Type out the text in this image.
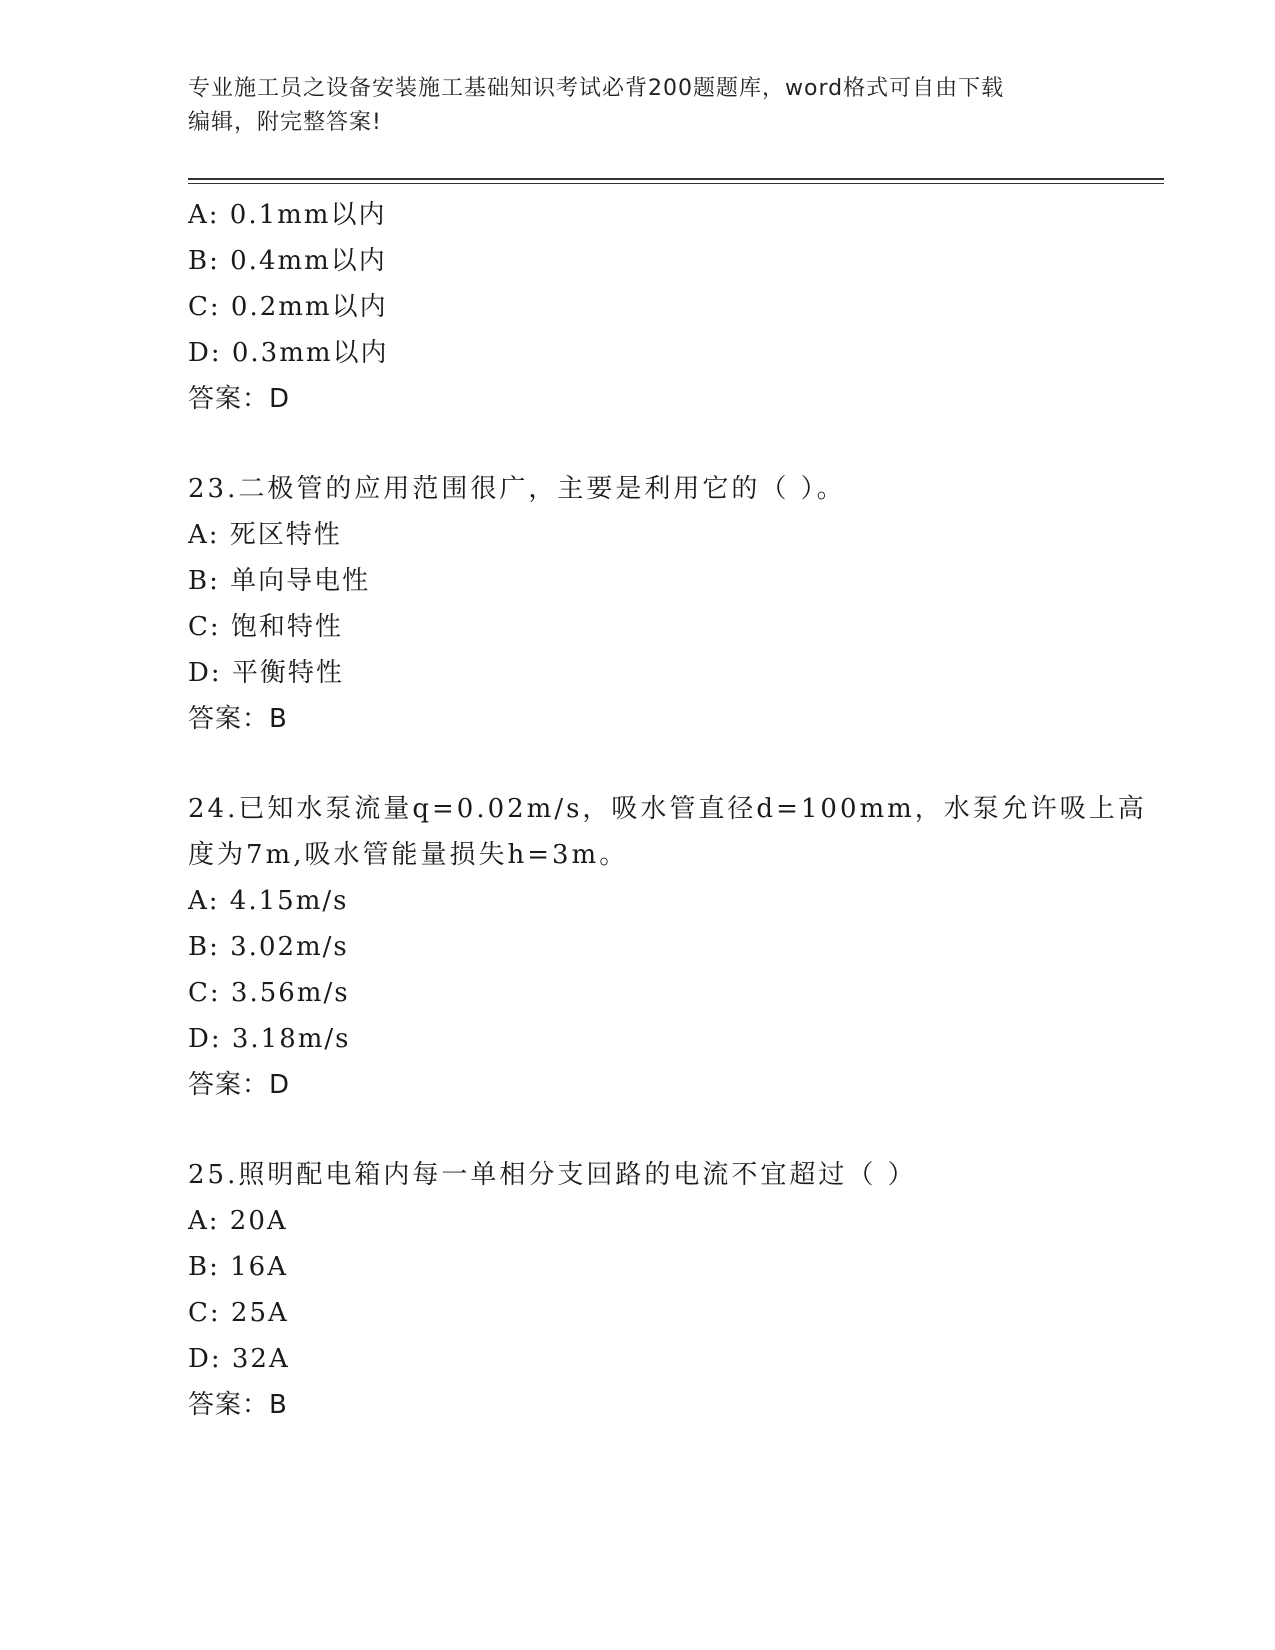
专业施工员之设备安装施工基础知识考试必背200题题库，word格式可自由下载
编辑，附完整答案!
A: 0.1mm以内
B: 0.4mm以内
C: 0.2mm以内
D: 0.3mm以内
答案：D
23.二极管的应用范围很广，主要是利用它的（ ）。
A: 死区特性
B: 单向导电性
C: 饱和特性
D: 平衡特性
答案：B
24.已知水泵流量q=0.02m/s，吸水管直径d=100mm，水泵允许吸上高
度为7m,吸水管能量损失h=3m。
A: 4.15m/s
B: 3.02m/s
C: 3.56m/s
D: 3.18m/s
答案：D
25.照明配电箱内每一单相分支回路的电流不宜超过（ ）
A: 20A
B: 16A
C: 25A
D: 32A
答案：B
